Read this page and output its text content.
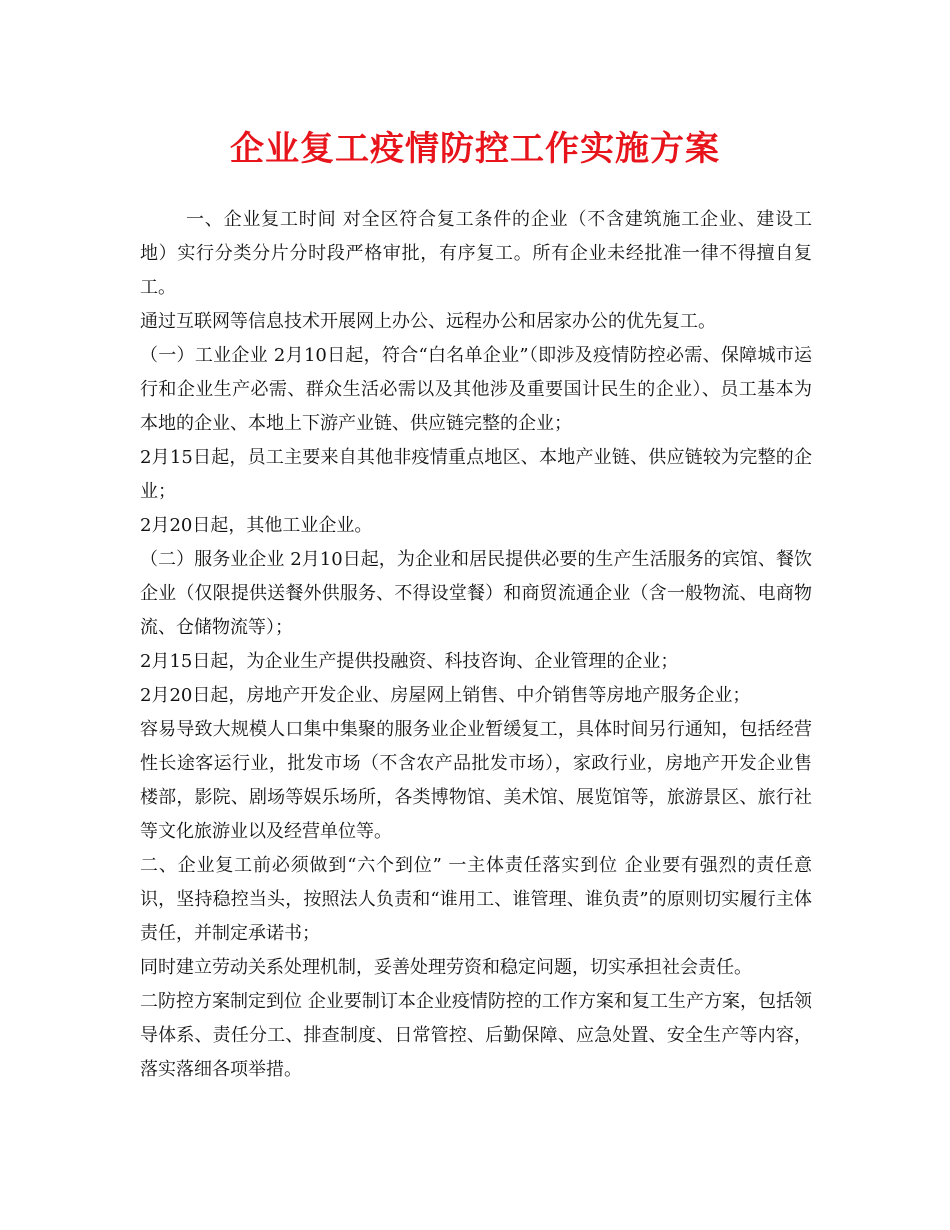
企业复工疫情防控工作实施方案

一、企业复工时间 对全区符合复工条件的企业（不含建筑施工企业、建设工地）实行分类分片分时段严格审批，有序复工。所有企业未经批准一律不得擅自复工。

通过互联网等信息技术开展网上办公、远程办公和居家办公的优先复工。

（一）工业企业 2月10日起，符合“白名单企业”（即涉及疫情防控必需、保障城市运行和企业生产必需、群众生活必需以及其他涉及重要国计民生的企业）、员工基本为本地的企业、本地上下游产业链、供应链完整的企业；

2月15日起，员工主要来自其他非疫情重点地区、本地产业链、供应链较为完整的企业；

2月20日起，其他工业企业。

（二）服务业企业 2月10日起，为企业和居民提供必要的生产生活服务的宾馆、餐饮企业（仅限提供送餐外供服务、不得设堂餐）和商贸流通企业（含一般物流、电商物流、仓储物流等）；

2月15日起，为企业生产提供投融资、科技咨询、企业管理的企业；

2月20日起，房地产开发企业、房屋网上销售、中介销售等房地产服务企业；

容易导致大规模人口集中集聚的服务业企业暂缓复工，具体时间另行通知，包括经营性长途客运行业，批发市场（不含农产品批发市场），家政行业，房地产开发企业售楼部，影院、剧场等娱乐场所，各类博物馆、美术馆、展览馆等，旅游景区、旅行社等文化旅游业以及经营单位等。

二、企业复工前必须做到“六个到位” 一主体责任落实到位 企业要有强烈的责任意识，坚持稳控当头，按照法人负责和“谁用工、谁管理、谁负责”的原则切实履行主体责任，并制定承诺书；

同时建立劳动关系处理机制，妥善处理劳资和稳定问题，切实承担社会责任。

二防控方案制定到位 企业要制订本企业疫情防控的工作方案和复工生产方案，包括领导体系、责任分工、排查制度、日常管控、后勤保障、应急处置、安全生产等内容，落实落细各项举措。
